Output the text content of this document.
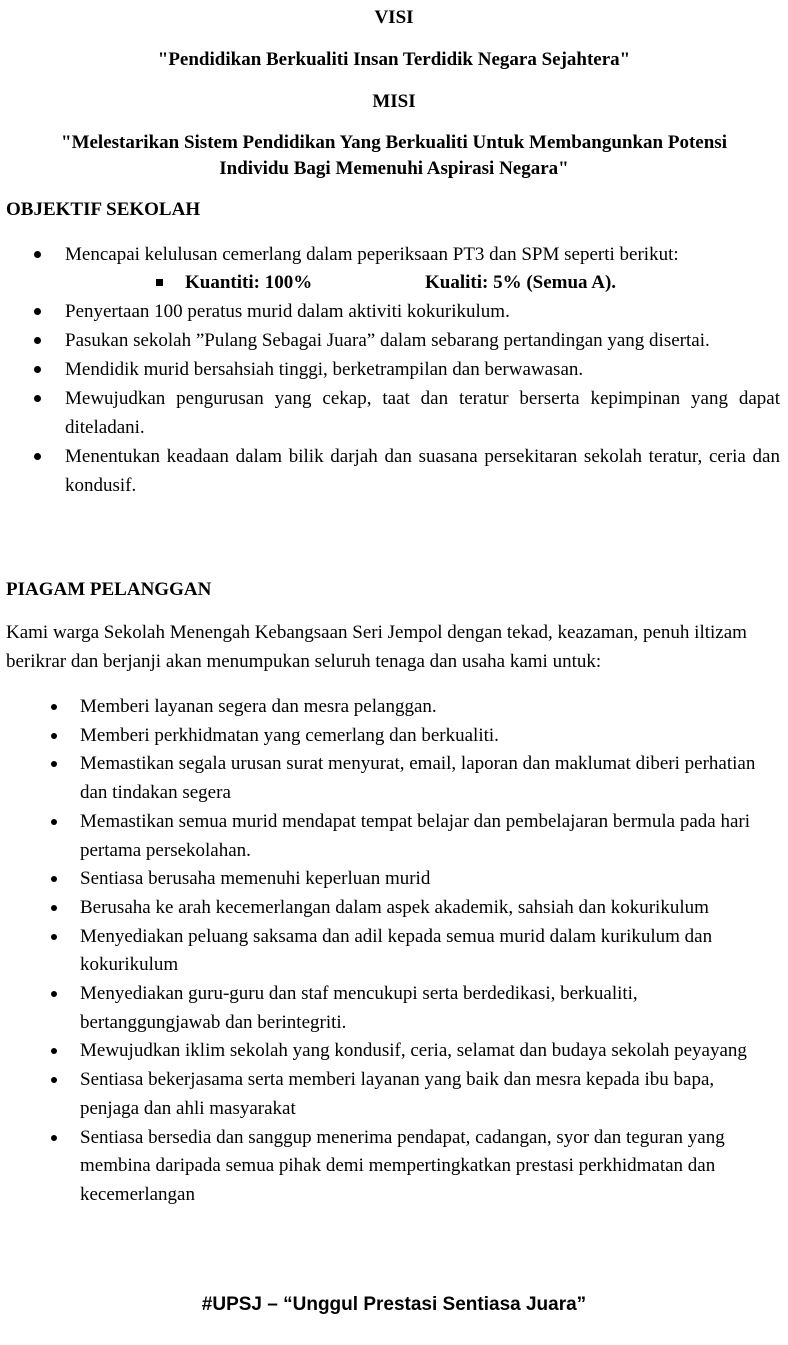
VISI
"Pendidikan Berkualiti Insan Terdidik Negara Sejahtera"
MISI
"Melestarikan Sistem Pendidikan Yang Berkualiti Untuk Membangunkan Potensi
Individu Bagi Memenuhi Aspirasi Negara"
OBJEKTIF SEKOLAH
Mencapai kelulusan cemerlang dalam peperiksaan PT3 dan SPM seperti berikut:
Kuantiti: 100%	Kualiti: 5% (Semua A).
Penyertaan 100 peratus murid dalam aktiviti kokurikulum.
Pasukan sekolah ”Pulang Sebagai Juara” dalam sebarang pertandingan yang disertai.
Mendidik murid bersahsiah tinggi, berketrampilan dan berwawasan.
Mewujudkan pengurusan yang cekap, taat dan teratur berserta kepimpinan yang dapat diteladani.
Menentukan keadaan dalam bilik darjah dan suasana persekitaran sekolah teratur, ceria dan kondusif.
PIAGAM PELANGGAN

Kami warga Sekolah Menengah Kebangsaan Seri Jempol dengan tekad, keazaman, penuh iltizam berikrar dan berjanji akan menumpukan seluruh tenaga dan usaha kami untuk:

Memberi layanan segera dan mesra pelanggan.
Memberi perkhidmatan yang cemerlang dan berkualiti.
Memastikan segala urusan surat menyurat, email, laporan dan maklumat diberi perhatian dan tindakan segera
Memastikan semua murid mendapat tempat belajar dan pembelajaran bermula pada hari pertama persekolahan.
Sentiasa berusaha memenuhi keperluan murid
Berusaha ke arah kecemerlangan dalam aspek akademik, sahsiah dan kokurikulum
Menyediakan peluang saksama dan adil kepada semua murid dalam kurikulum dan kokurikulum
Menyediakan guru-guru dan staf mencukupi serta berdedikasi, berkualiti, bertanggungjawab dan berintegriti.
Mewujudkan iklim sekolah yang kondusif, ceria, selamat dan budaya sekolah peyayang
Sentiasa bekerjasama serta memberi layanan yang baik dan mesra kepada ibu bapa, penjaga dan ahli masyarakat
Sentiasa bersedia dan sanggup menerima pendapat, cadangan, syor dan teguran yang membina daripada semua pihak demi mempertingkatkan prestasi perkhidmatan dan kecemerlangan
#UPSJ – “Unggul Prestasi Sentiasa Juara”
